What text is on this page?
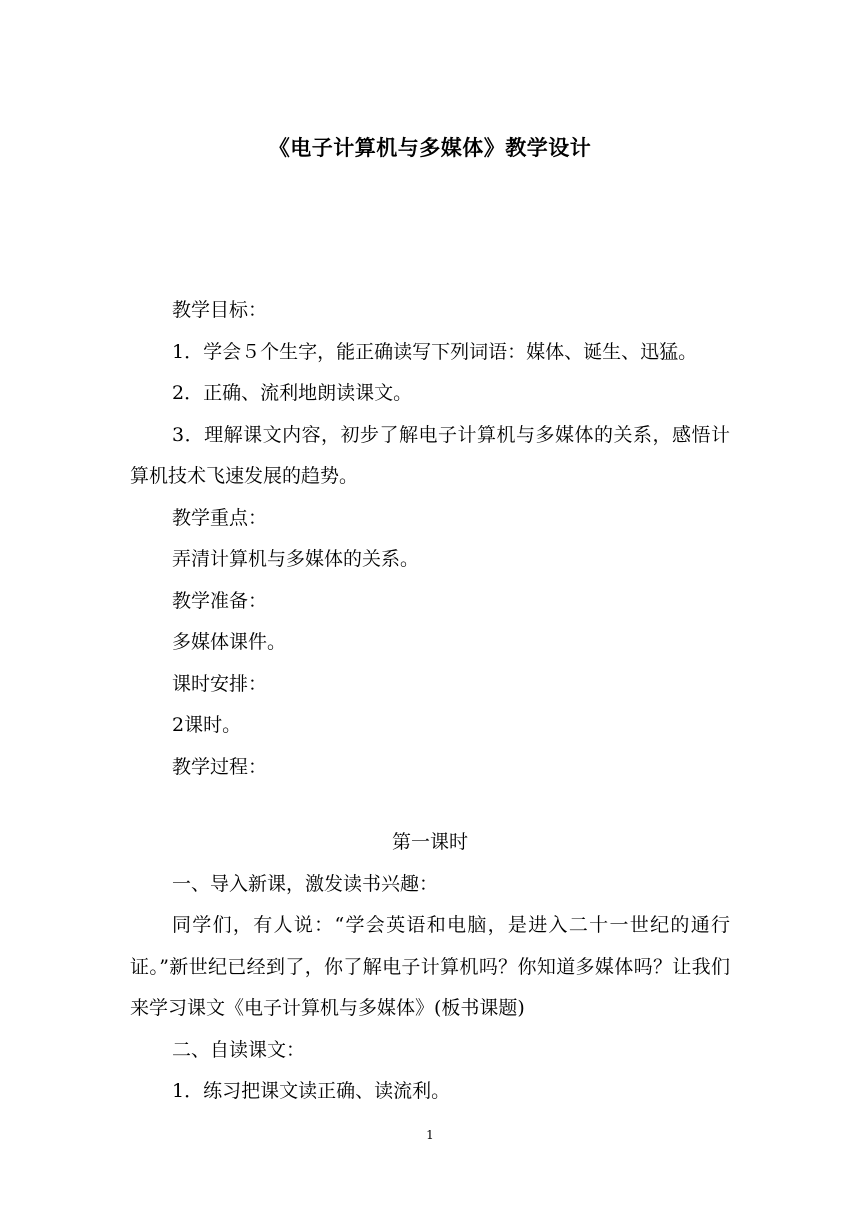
《电子计算机与多媒体》教学设计

教学目标：

1．学会５个生字，能正确读写下列词语：媒体、诞生、迅猛。

2．正确、流利地朗读课文。

3．理解课文内容，初步了解电子计算机与多媒体的关系，感悟计算机技术飞速发展的趋势。

教学重点：

弄清计算机与多媒体的关系。

教学准备：

多媒体课件。

课时安排：

2课时。

教学过程：

第一课时

一、导入新课，激发读书兴趣：

同学们，有人说：“学会英语和电脑，是进入二十一世纪的通行证。”新世纪已经到了，你了解电子计算机吗？你知道多媒体吗？让我们来学习课文《电子计算机与多媒体》(板书课题)

二、自读课文：

1．练习把课文读正确、读流利。

1
